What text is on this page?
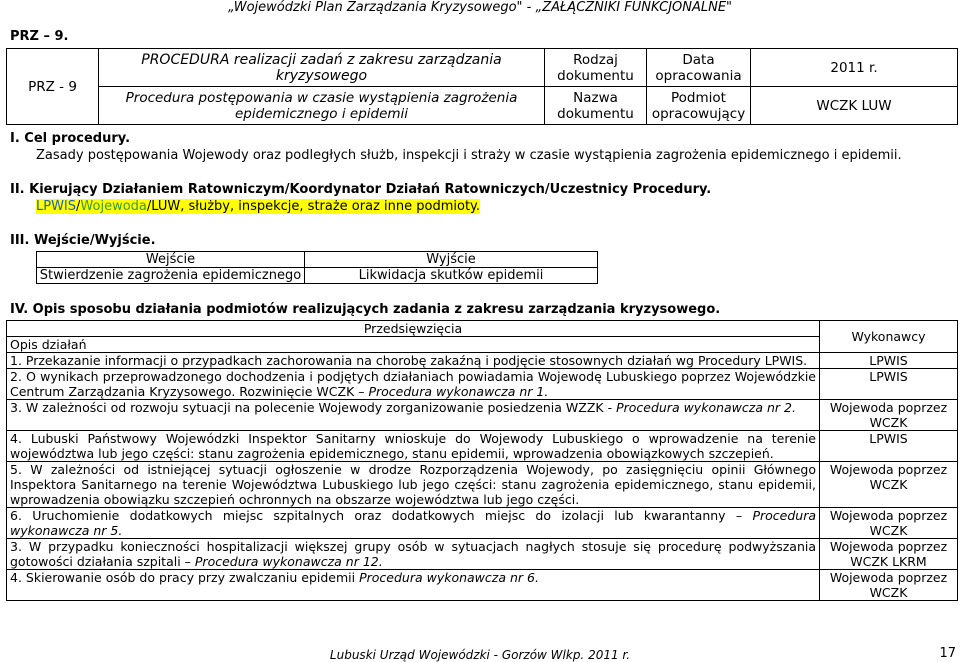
„Wojewódzki Plan Zarządzania Kryzysowego" - „ZAŁĄCZNIKI FUNKCJONALNE"
PRZ – 9.
PRZ - 9	PROCEDURA realizacji zadań z zakresu zarządzania kryzysowego	Rodzaj dokumentu	Data opracowania	2011 r.
	Procedura postępowania w czasie wystąpienia zagrożenia epidemicznego i epidemii	Nazwa dokumentu	Podmiot opracowujący	WCZK LUW
I. Cel procedury.
Zasady postępowania Wojewody oraz podległych służb, inspekcji i straży w czasie wystąpienia zagrożenia epidemicznego i epidemii.
II. Kierujący Działaniem Ratowniczym/Koordynator Działań Ratowniczych/Uczestnicy Procedury.
LPWIS/Wojewoda/LUW, służby, inspekcje, straże oraz inne podmioty.
III. Wejście/Wyjście.
Wejście	Wyjście
Stwierdzenie zagrożenia epidemicznego	Likwidacja skutków epidemii
IV. Opis sposobu działania podmiotów realizujących zadania z zakresu zarządzania kryzysowego.
Przedsięwzięcia	Wykonawcy
Opis działań	
1. Przekazanie informacji o przypadkach zachorowania na chorobę zakaźną i podjęcie stosownych działań wg Procedury LPWIS.	LPWIS
2. O wynikach przeprowadzonego dochodzenia i podjętych działaniach powiadamia Wojewodę Lubuskiego poprzez Wojewódzkie Centrum Zarządzania Kryzysowego. Rozwinięcie WCZK – Procedura wykonawcza nr 1.	LPWIS
3. W zależności od rozwoju sytuacji na polecenie Wojewody zorganizowanie posiedzenia WZZK - Procedura wykonawcza nr 2.	Wojewoda poprzez WCZK
4. Lubuski Państwowy Wojewódzki Inspektor Sanitarny wnioskuje do Wojewody Lubuskiego o wprowadzenie na terenie województwa lub jego części: stanu zagrożenia epidemicznego, stanu epidemii, wprowadzenia obowiązkowych szczepień.	LPWIS
5. W zależności od istniejącej sytuacji ogłoszenie w drodze Rozporządzenia Wojewody, po zasięgnięciu opinii Głównego Inspektora Sanitarnego na terenie Województwa Lubuskiego lub jego części: stanu zagrożenia epidemicznego, stanu epidemii, wprowadzenia obowiązku szczepień ochronnych na obszarze województwa lub jego części.	Wojewoda poprzez WCZK
6. Uruchomienie dodatkowych miejsc szpitalnych oraz dodatkowych miejsc do izolacji lub kwarantanny – Procedura wykonawcza nr 5.	Wojewoda poprzez WCZK
3. W przypadku konieczności hospitalizacji większej grupy osób w sytuacjach nagłych stosuje się procedurę podwyższania gotowości działania szpitali – Procedura wykonawcza nr 12.	Wojewoda poprzez WCZK LKRM
4. Skierowanie osób do pracy przy zwalczaniu epidemii Procedura wykonawcza nr 6.	Wojewoda poprzez WCZK
Lubuski Urząd Wojewódzki - Gorzów Wlkp. 2011 r.	17
